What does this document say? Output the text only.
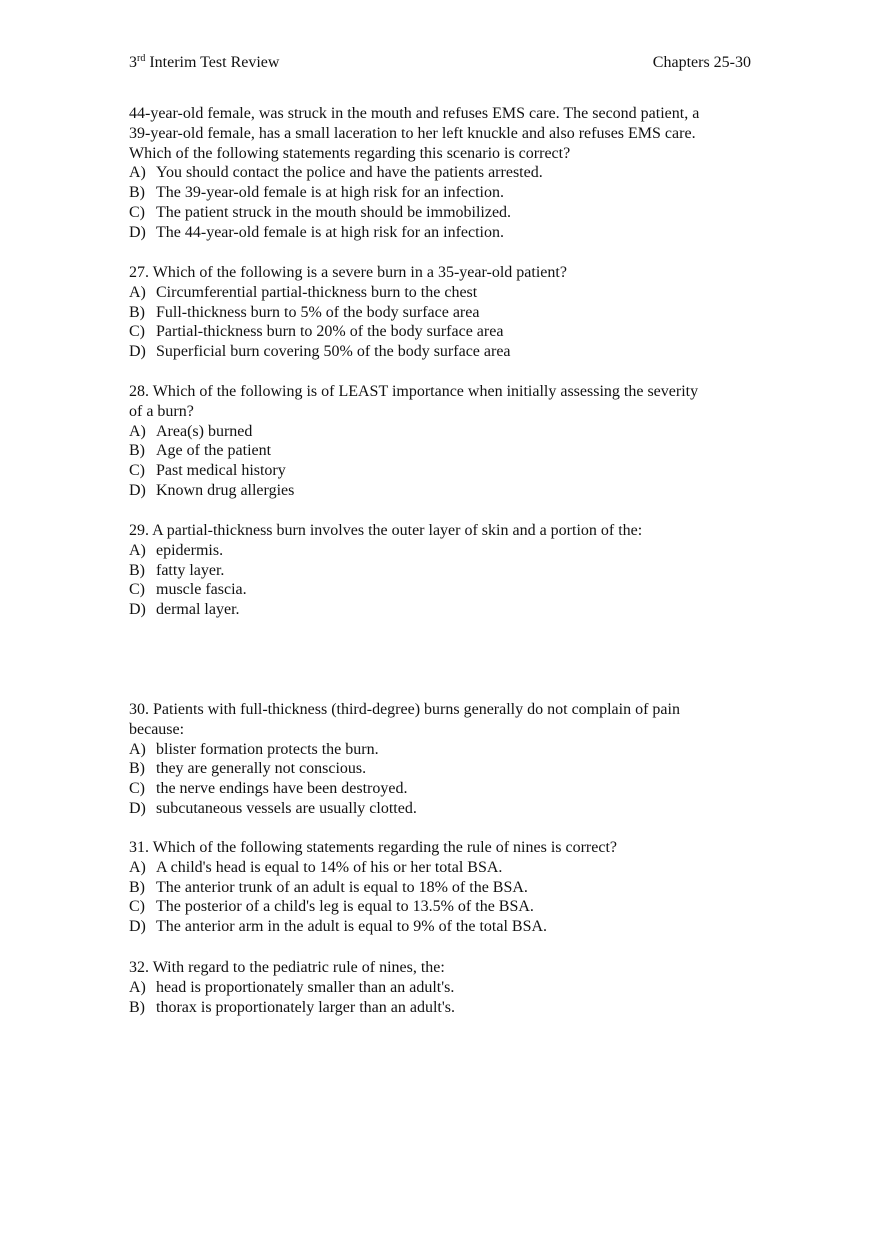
3rd Interim Test Review	Chapters 25-30
44-year-old female, was struck in the mouth and refuses EMS care. The second patient, a
39-year-old female, has a small laceration to her left knuckle and also refuses EMS care.
Which of the following statements regarding this scenario is correct?
A) You should contact the police and have the patients arrested.
B) The 39-year-old female is at high risk for an infection.
C) The patient struck in the mouth should be immobilized.
D) The 44-year-old female is at high risk for an infection.
27. Which of the following is a severe burn in a 35-year-old patient?
A) Circumferential partial-thickness burn to the chest
B) Full-thickness burn to 5% of the body surface area
C) Partial-thickness burn to 20% of the body surface area
D) Superficial burn covering 50% of the body surface area
28. Which of the following is of LEAST importance when initially assessing the severity
of a burn?
A) Area(s) burned
B) Age of the patient
C) Past medical history
D) Known drug allergies
29. A partial-thickness burn involves the outer layer of skin and a portion of the:
A) epidermis.
B) fatty layer.
C) muscle fascia.
D) dermal layer.
30. Patients with full-thickness (third-degree) burns generally do not complain of pain
because:
A) blister formation protects the burn.
B) they are generally not conscious.
C) the nerve endings have been destroyed.
D) subcutaneous vessels are usually clotted.
31. Which of the following statements regarding the rule of nines is correct?
A) A child's head is equal to 14% of his or her total BSA.
B) The anterior trunk of an adult is equal to 18% of the BSA.
C) The posterior of a child's leg is equal to 13.5% of the BSA.
D) The anterior arm in the adult is equal to 9% of the total BSA.
32. With regard to the pediatric rule of nines, the:
A) head is proportionately smaller than an adult's.
B) thorax is proportionately larger than an adult's.
